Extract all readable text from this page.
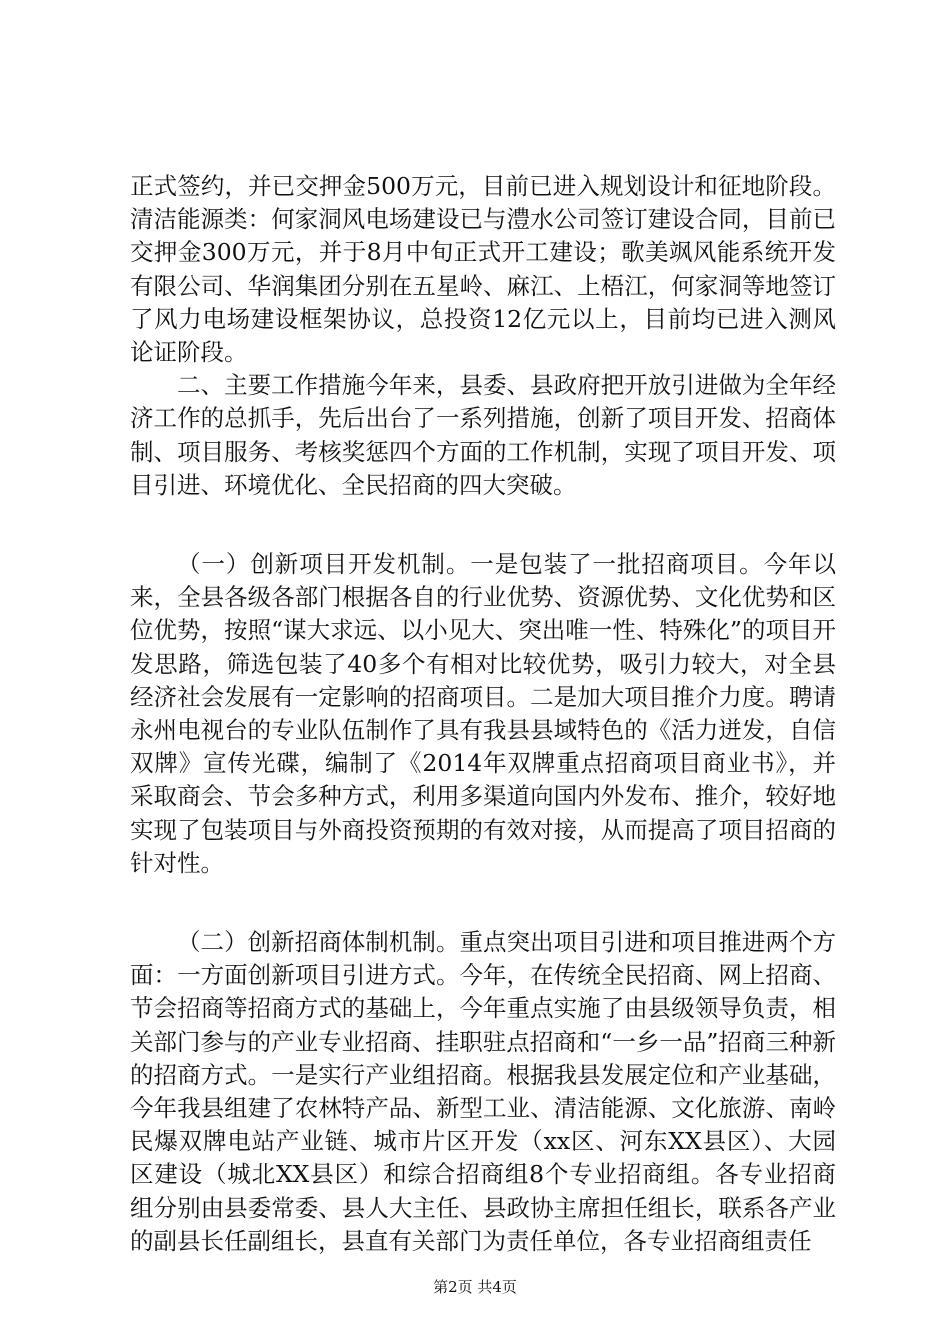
正式签约，并已交押金500万元，目前已进入规划设计和征地阶段。清洁能源类：何家洞风电场建设已与澧水公司签订建设合同，目前已交押金300万元，并于8月中旬正式开工建设；歌美飒风能系统开发有限公司、华润集团分别在五星岭、麻江、上梧江，何家洞等地签订了风力电场建设框架协议，总投资12亿元以上，目前均已进入测风论证阶段。

二、主要工作措施今年来，县委、县政府把开放引进做为全年经济工作的总抓手，先后出台了一系列措施，创新了项目开发、招商体制、项目服务、考核奖惩四个方面的工作机制，实现了项目开发、项目引进、环境优化、全民招商的四大突破。

（一）创新项目开发机制。一是包装了一批招商项目。今年以来，全县各级各部门根据各自的行业优势、资源优势、文化优势和区位优势，按照“谋大求远、以小见大、突出唯一性、特殊化”的项目开发思路，筛选包装了40多个有相对比较优势，吸引力较大，对全县经济社会发展有一定影响的招商项目。二是加大项目推介力度。聘请永州电视台的专业队伍制作了具有我县县域特色的《活力迸发，自信双牌》宣传光碟，编制了《2014年双牌重点招商项目商业书》，并采取商会、节会多种方式，利用多渠道向国内外发布、推介，较好地实现了包装项目与外商投资预期的有效对接，从而提高了项目招商的针对性。

（二）创新招商体制机制。重点突出项目引进和项目推进两个方面：一方面创新项目引进方式。今年，在传统全民招商、网上招商、节会招商等招商方式的基础上，今年重点实施了由县级领导负责，相关部门参与的产业专业招商、挂职驻点招商和“一乡一品”招商三种新的招商方式。一是实行产业组招商。根据我县发展定位和产业基础，今年我县组建了农林特产品、新型工业、清洁能源、文化旅游、南岭民爆双牌电站产业链、城市片区开发（xx区、河东XX县区）、大园区建设（城北XX县区）和综合招商组8个专业招商组。各专业招商组分别由县委常委、县人大主任、县政协主席担任组长，联系各产业的副县长任副组长，县直有关部门为责任单位，各专业招商组责任

第2页 共4页
